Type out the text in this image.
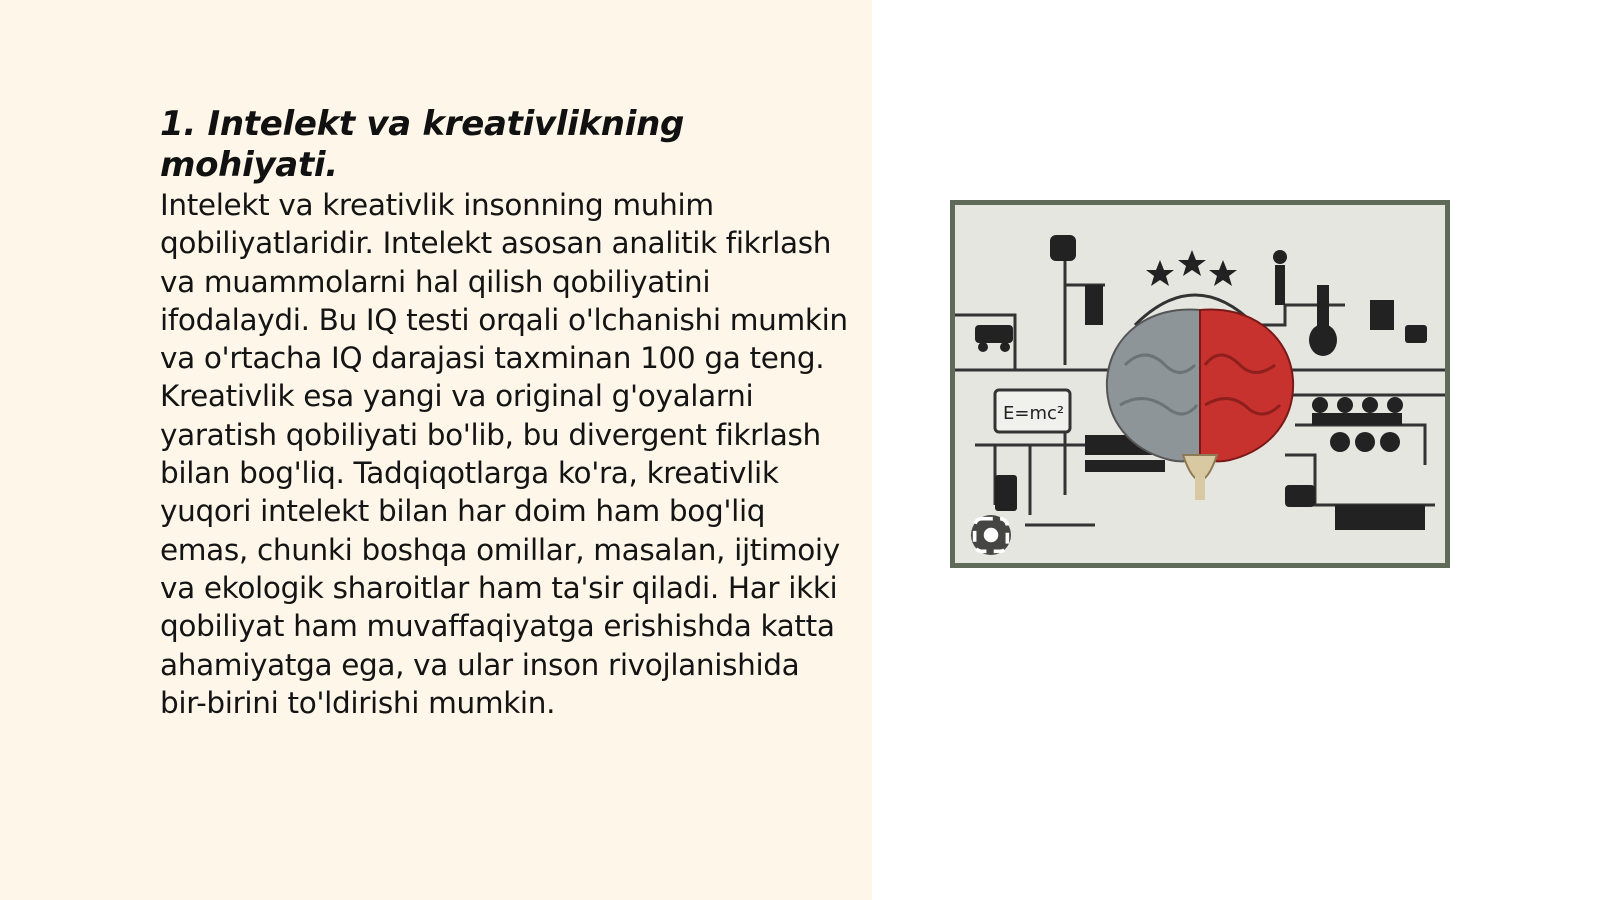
1. Intelekt va kreativlikning mohiyati.

Intelekt va kreativlik insonning muhim qobiliyatlaridir. Intelekt asosan analitik fikrlash va muammolarni hal qilish qobiliyatini ifodalaydi. Bu IQ testi orqali o'lchanishi mumkin va o'rtacha IQ darajasi taxminan 100 ga teng. Kreativlik esa yangi va original g'oyalarni yaratish qobiliyati bo'lib, bu divergent fikrlash bilan bog'liq. Tadqiqotlarga ko'ra, kreativlik yuqori intelekt bilan har doim ham bog'liq emas, chunki boshqa omillar, masalan, ijtimoiy va ekologik sharoitlar ham ta'sir qiladi. Har ikki qobiliyat ham muvaffaqiyatga erishishda katta ahamiyatga ega, va ular inson rivojlanishida bir-birini to'ldirishi mumkin.

E=mc²
